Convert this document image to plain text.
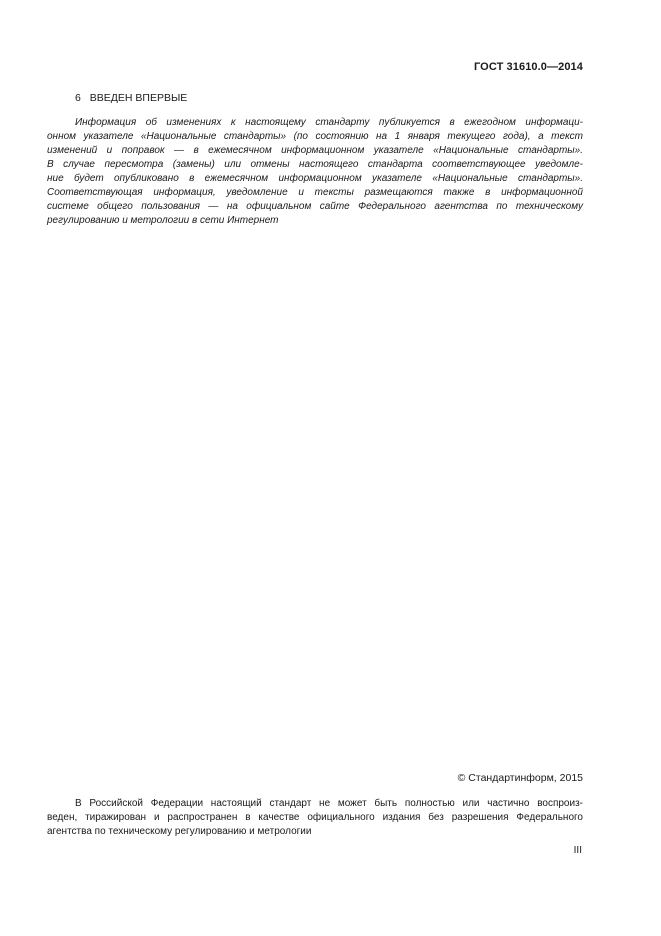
ГОСТ 31610.0—2014
6 ВВЕДЕН ВПЕРВЫЕ
Информация об изменениях к настоящему стандарту публикуется в ежегодном информаци-
онном указателе «Национальные стандарты» (по состоянию на 1 января текущего года), а текст
изменений и поправок — в ежемесячном информационном указателе «Национальные стандарты».
В случае пересмотра (замены) или отмены настоящего стандарта соответствующее уведомле-
ние будет опубликовано в ежемесячном информационном указателе «Национальные стандарты».
Соответствующая информация, уведомление и тексты размещаются также в информационной
системе общего пользования — на официальном сайте Федерального агентства по техническому
регулированию и метрологии в сети Интернет
© Стандартинформ, 2015
В Российской Федерации настоящий стандарт не может быть полностью или частично воспроиз-
веден, тиражирован и распространен в качестве официального издания без разрешения Федерального
агентства по техническому регулированию и метрологии
III
